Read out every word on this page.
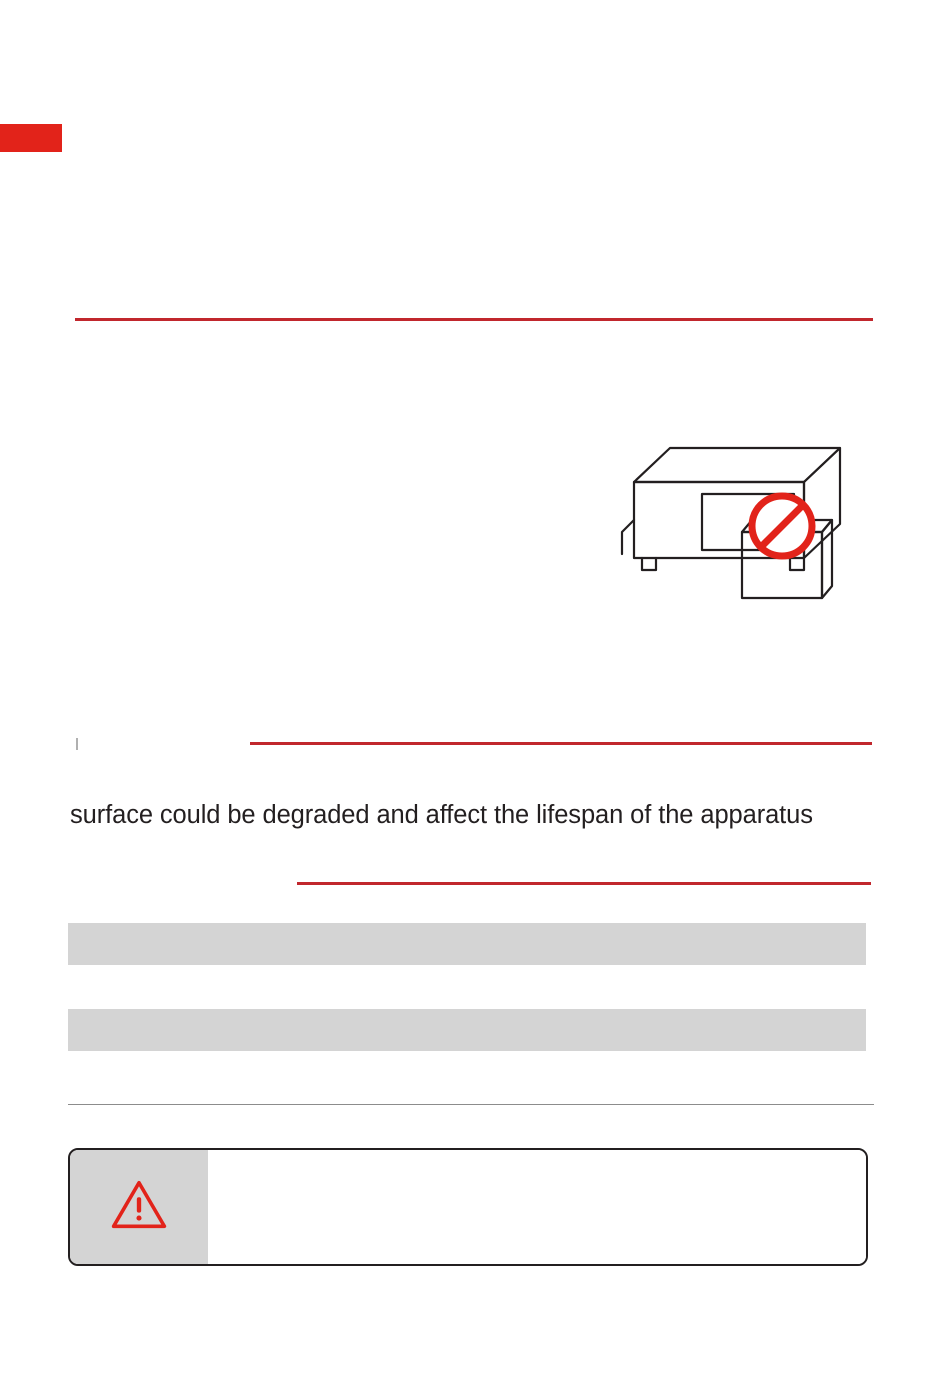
surface could be degraded and affect the lifespan of the apparatus
